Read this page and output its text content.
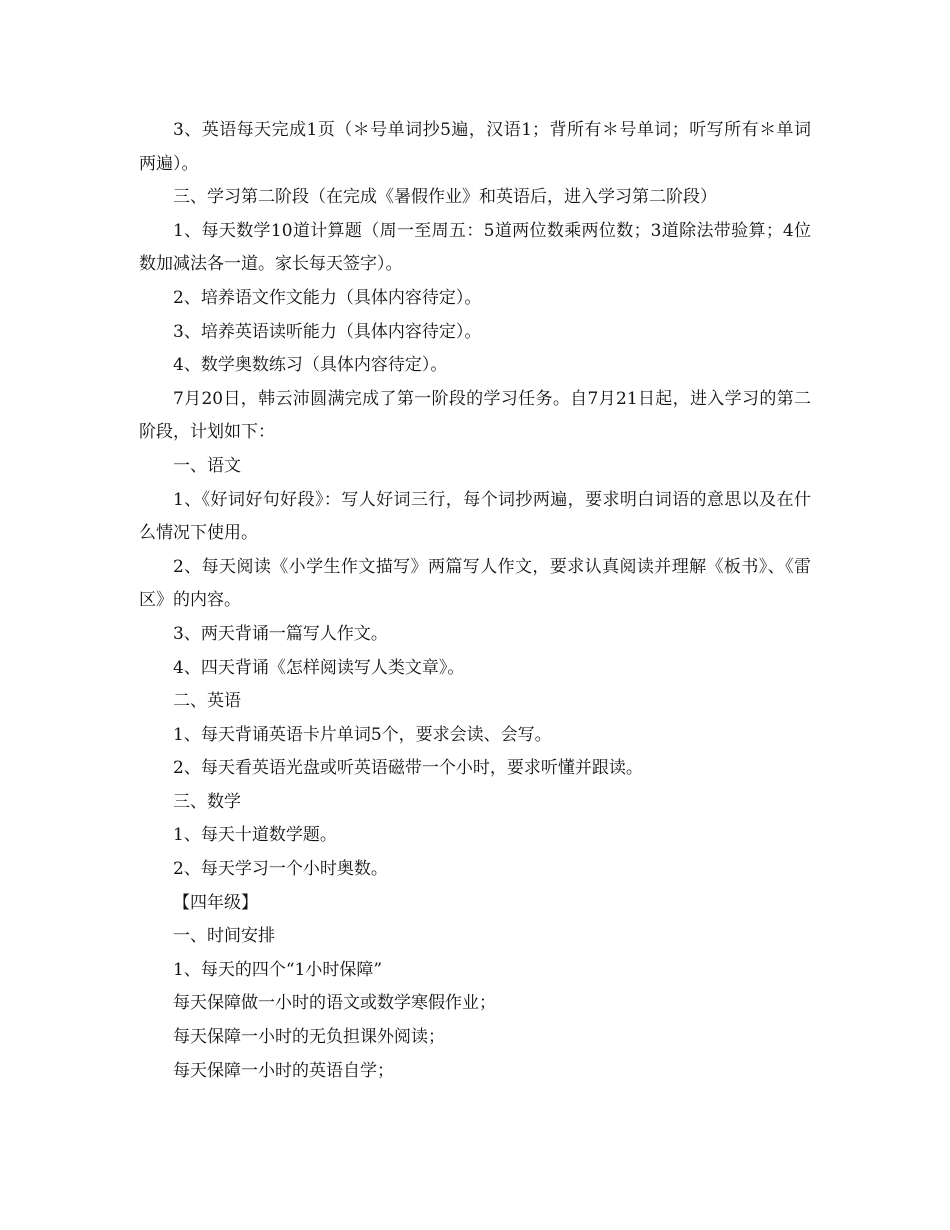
3、英语每天完成1页（＊号单词抄5遍，汉语1；背所有＊号单词；听写所有＊单词两遍）。

三、学习第二阶段（在完成《暑假作业》和英语后，进入学习第二阶段）

1、每天数学10道计算题（周一至周五：5道两位数乘两位数；3道除法带验算；4位数加减法各一道。家长每天签字）。

2、培养语文作文能力（具体内容待定）。

3、培养英语读听能力（具体内容待定）。

4、数学奥数练习（具体内容待定）。

7月20日，韩云沛圆满完成了第一阶段的学习任务。自7月21日起，进入学习的第二阶段，计划如下：

一、语文

1、《好词好句好段》：写人好词三行，每个词抄两遍，要求明白词语的意思以及在什么情况下使用。

2、每天阅读《小学生作文描写》两篇写人作文，要求认真阅读并理解《板书》、《雷区》的内容。

3、两天背诵一篇写人作文。

4、四天背诵《怎样阅读写人类文章》。

二、英语

1、每天背诵英语卡片单词5个，要求会读、会写。

2、每天看英语光盘或听英语磁带一个小时，要求听懂并跟读。

三、数学

1、每天十道数学题。

2、每天学习一个小时奥数。

【四年级】

一、时间安排

1、每天的四个“1小时保障”

每天保障做一小时的语文或数学寒假作业；

每天保障一小时的无负担课外阅读；

每天保障一小时的英语自学；
